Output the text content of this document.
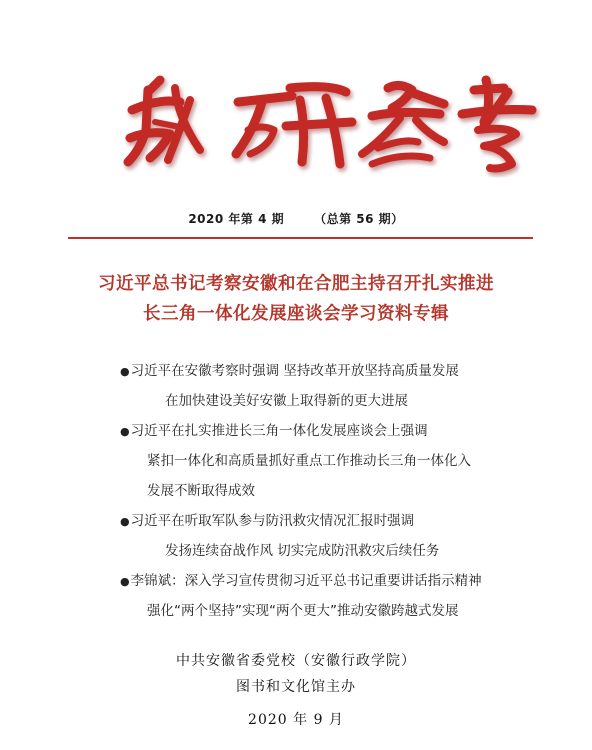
2020 年第 4 期	（总第 56 期）
习近平总书记考察安徽和在合肥主持召开扎实推进
长三角一体化发展座谈会学习资料专辑
●习近平在安徽考察时强调 坚持改革开放坚持高质量发展
在加快建设美好安徽上取得新的更大进展
●习近平在扎实推进长三角一体化发展座谈会上强调
紧扣一体化和高质量抓好重点工作推动长三角一体化入
发展不断取得成效
●习近平在听取军队参与防汛救灾情况汇报时强调
发扬连续奋战作风 切实完成防汛救灾后续任务
●李锦斌：深入学习宣传贯彻习近平总书记重要讲话指示精神
强化“两个坚持”实现“两个更大”推动安徽跨越式发展
中共安徽省委党校（安徽行政学院）
图书和文化馆主办
2020 年 9 月
